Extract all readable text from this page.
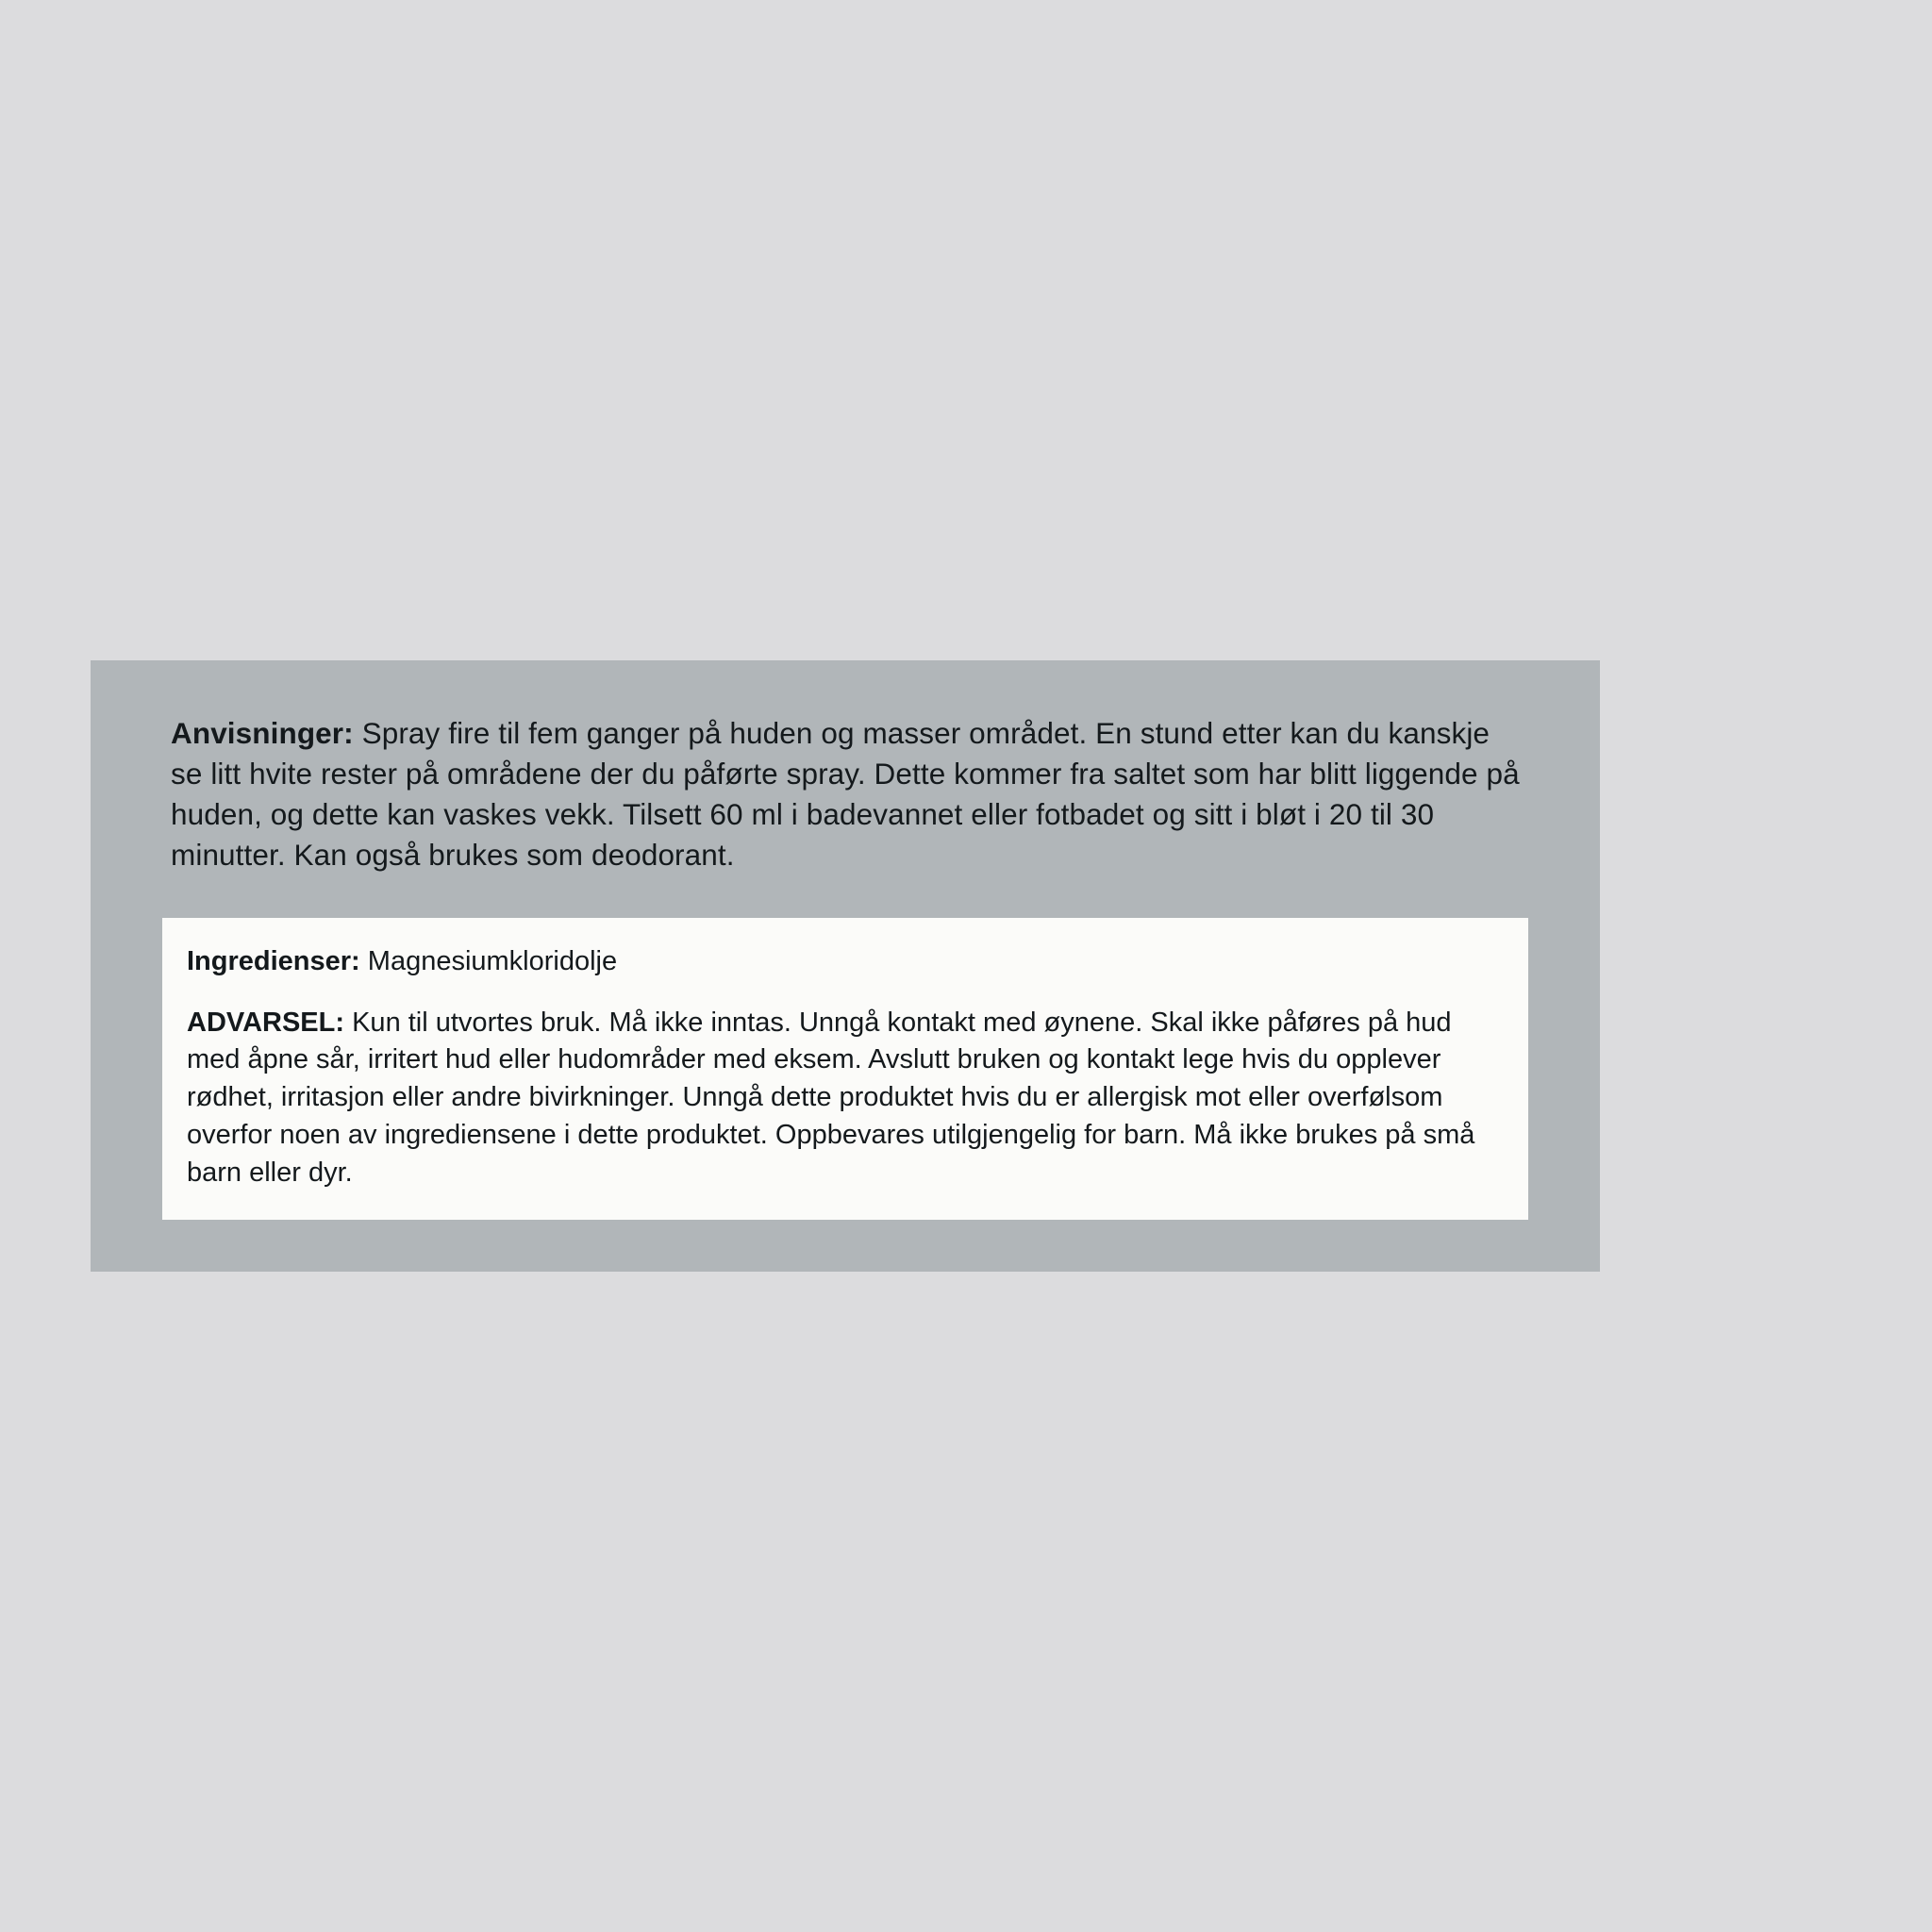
Anvisninger: Spray fire til fem ganger på huden og masser området. En stund etter kan du kanskje se litt hvite rester på områdene der du påførte spray. Dette kommer fra saltet som har blitt liggende på huden, og dette kan vaskes vekk. Tilsett 60 ml i badevannet eller fotbadet og sitt i bløt i 20 til 30 minutter. Kan også brukes som deodorant.
Ingredienser: Magnesiumkloridolje
ADVARSEL: Kun til utvortes bruk. Må ikke inntas. Unngå kontakt med øynene. Skal ikke påføres på hud med åpne sår, irritert hud eller hudområder med eksem. Avslutt bruken og kontakt lege hvis du opplever rødhet, irritasjon eller andre bivirkninger. Unngå dette produktet hvis du er allergisk mot eller overfølsom overfor noen av ingrediensene i dette produktet. Oppbevares utilgjengelig for barn. Må ikke brukes på små barn eller dyr.
